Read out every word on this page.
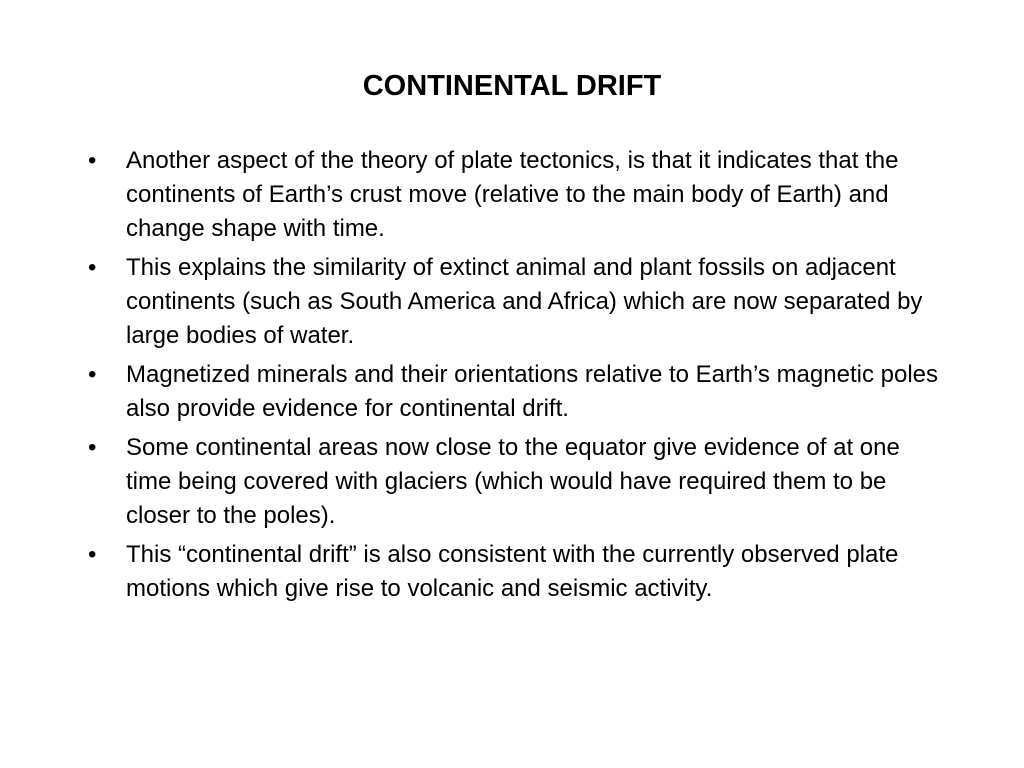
CONTINENTAL DRIFT
•	Another aspect of the theory of plate tectonics, is that it indicates that the continents of Earth’s crust move (relative to the main body of Earth) and change shape with time.
•	This explains the similarity of extinct animal and plant fossils on adjacent continents (such as South America and Africa) which are now separated by large bodies of water.
•	Magnetized minerals and their orientations relative to Earth’s magnetic poles also provide evidence for continental drift.
•	Some continental areas now close to the equator give evidence of at one time being covered with glaciers (which would have required them to be closer to the poles).
•	This “continental drift” is also consistent with the currently observed plate motions which give rise to volcanic and seismic activity.
